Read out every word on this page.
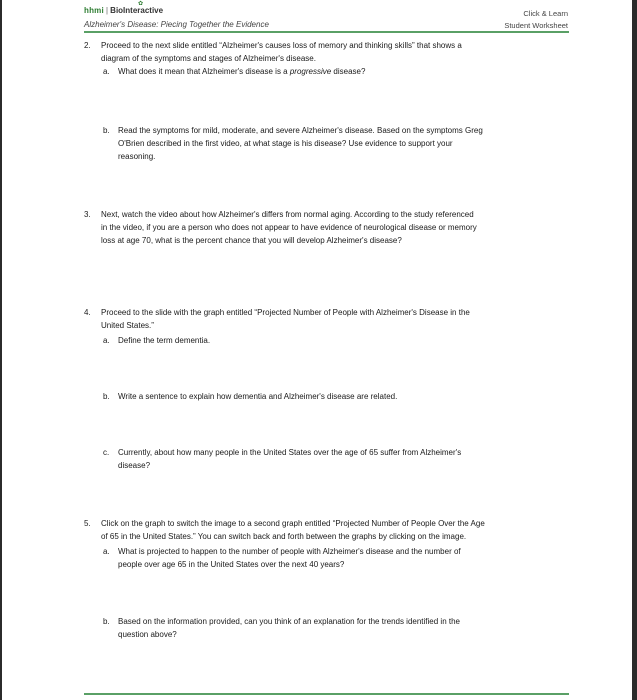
✿
hhmi | BioInteractive
Alzheimer's Disease: Piecing Together the Evidence
Click & Learn
Student Worksheet
2. Proceed to the next slide entitled “Alzheimer's causes loss of memory and thinking skills” that shows a
diagram of the symptoms and stages of Alzheimer's disease.
a. What does it mean that Alzheimer's disease is a progressive disease?
b. Read the symptoms for mild, moderate, and severe Alzheimer's disease. Based on the symptoms Greg
O'Brien described in the first video, at what stage is his disease? Use evidence to support your
reasoning.
3. Next, watch the video about how Alzheimer's differs from normal aging. According to the study referenced
in the video, if you are a person who does not appear to have evidence of neurological disease or memory
loss at age 70, what is the percent chance that you will develop Alzheimer's disease?
4. Proceed to the slide with the graph entitled “Projected Number of People with Alzheimer's Disease in the
United States.”
a. Define the term dementia.
b. Write a sentence to explain how dementia and Alzheimer's disease are related.
c. Currently, about how many people in the United States over the age of 65 suffer from Alzheimer's
disease?
5. Click on the graph to switch the image to a second graph entitled “Projected Number of People Over the Age
of 65 in the United States.” You can switch back and forth between the graphs by clicking on the image.
a. What is projected to happen to the number of people with Alzheimer's disease and the number of
people over age 65 in the United States over the next 40 years?
b. Based on the information provided, can you think of an explanation for the trends identified in the
question above?
